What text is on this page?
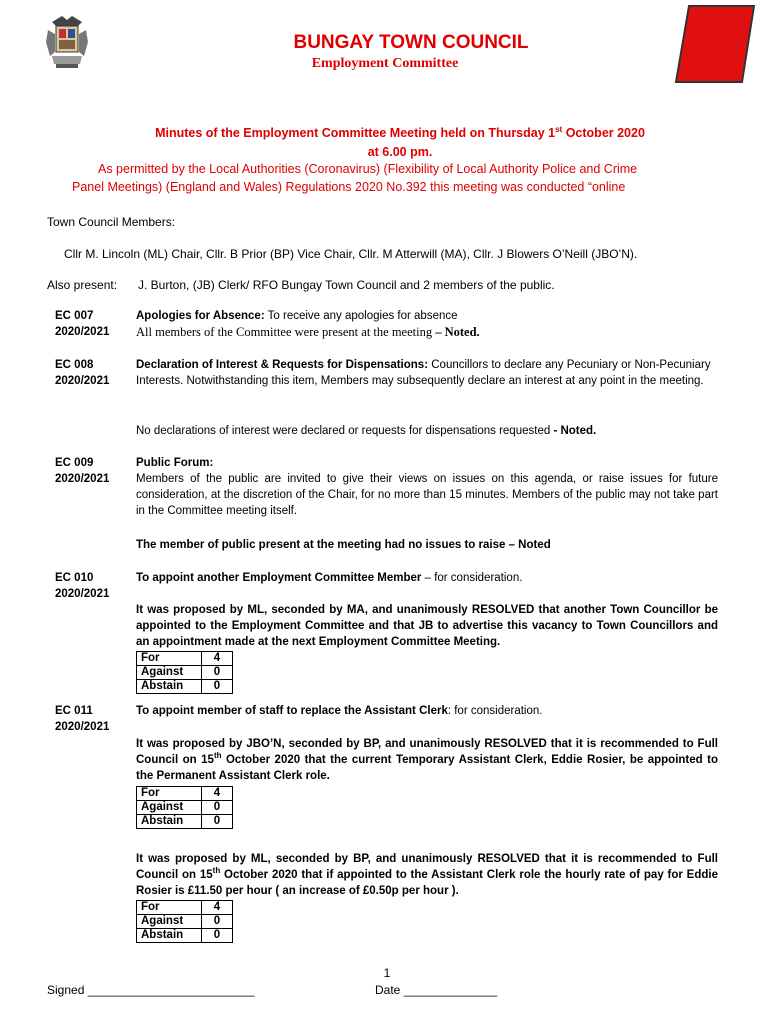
BUNGAY TOWN COUNCIL
Employment Committee
Minutes of the Employment Committee Meeting held on Thursday 1st October 2020
at 6.00 pm.
As permitted by the Local Authorities (Coronavirus) (Flexibility of Local Authority Police and Crime
Panel Meetings) (England and Wales) Regulations 2020 No.392 this meeting was conducted “online
Town Council Members:
Cllr M. Lincoln (ML) Chair, Cllr. B Prior (BP) Vice Chair, Cllr. M Atterwill (MA), Cllr. J Blowers O’Neill (JBO’N).
Also present: J. Burton, (JB) Clerk/ RFO Bungay Town Council and 2 members of the public.
EC 007
2020/2021
Apologies for Absence: To receive any apologies for absence
All members of the Committee were present at the meeting – Noted.
EC 008
2020/2021
Declaration of Interest & Requests for Dispensations: Councillors to declare any Pecuniary or Non-Pecuniary Interests. Notwithstanding this item, Members may subsequently declare an interest at any point in the meeting.
No declarations of interest were declared or requests for dispensations requested - Noted.
EC 009
2020/2021
Public Forum:
Members of the public are invited to give their views on issues on this agenda, or raise issues for future consideration, at the discretion of the Chair, for no more than 15 minutes. Members of the public may not take part in the Committee meeting itself.
The member of public present at the meeting had no issues to raise – Noted
EC 010
2020/2021
To appoint another Employment Committee Member – for consideration.
It was proposed by ML, seconded by MA, and unanimously RESOLVED that another Town Councillor be appointed to the Employment Committee and that JB to advertise this vacancy to Town Councillors and an appointment made at the next Employment Committee Meeting.
For	4
Against	0
Abstain	0
EC 011
2020/2021
To appoint member of staff to replace the Assistant Clerk: for consideration.
It was proposed by JBO’N, seconded by BP, and unanimously RESOLVED that it is recommended to Full Council on 15th October 2020 that the current Temporary Assistant Clerk, Eddie Rosier, be appointed to the Permanent Assistant Clerk role.
For	4
Against	0
Abstain	0
It was proposed by ML, seconded by BP, and unanimously RESOLVED that it is recommended to Full Council on 15th October 2020 that if appointed to the Assistant Clerk role the hourly rate of pay for Eddie Rosier is £11.50 per hour ( an increase of £0.50p per hour ).
For	4
Against	0
Abstain	0
1
Signed _________________________	Date ______________
